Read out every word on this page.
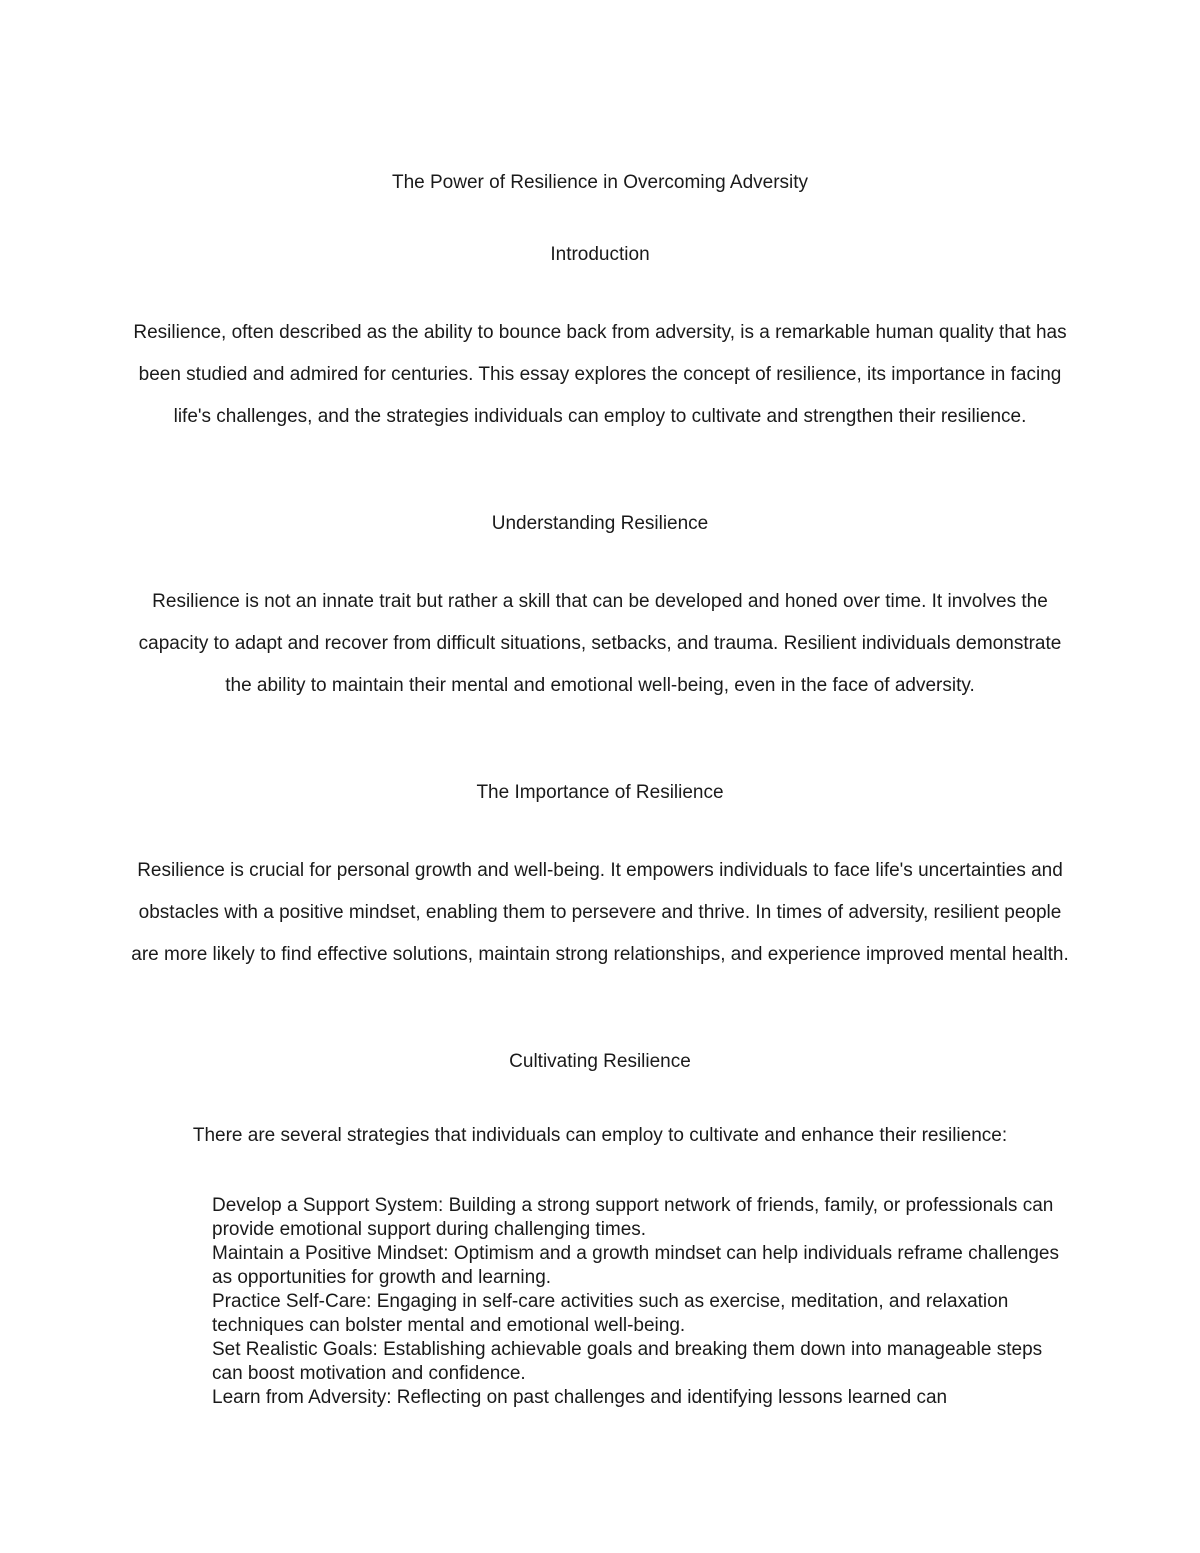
The Power of Resilience in Overcoming Adversity
Introduction

Resilience, often described as the ability to bounce back from adversity, is a remarkable human quality that has been studied and admired for centuries. This essay explores the concept of resilience, its importance in facing life's challenges, and the strategies individuals can employ to cultivate and strengthen their resilience.

Understanding Resilience

Resilience is not an innate trait but rather a skill that can be developed and honed over time. It involves the capacity to adapt and recover from difficult situations, setbacks, and trauma. Resilient individuals demonstrate the ability to maintain their mental and emotional well-being, even in the face of adversity.

The Importance of Resilience

Resilience is crucial for personal growth and well-being. It empowers individuals to face life's uncertainties and obstacles with a positive mindset, enabling them to persevere and thrive. In times of adversity, resilient people are more likely to find effective solutions, maintain strong relationships, and experience improved mental health.

Cultivating Resilience

There are several strategies that individuals can employ to cultivate and enhance their resilience:

Develop a Support System: Building a strong support network of friends, family, or professionals can provide emotional support during challenging times.
Maintain a Positive Mindset: Optimism and a growth mindset can help individuals reframe challenges as opportunities for growth and learning.
Practice Self-Care: Engaging in self-care activities such as exercise, meditation, and relaxation techniques can bolster mental and emotional well-being.
Set Realistic Goals: Establishing achievable goals and breaking them down into manageable steps can boost motivation and confidence.
Learn from Adversity: Reflecting on past challenges and identifying lessons learned can
